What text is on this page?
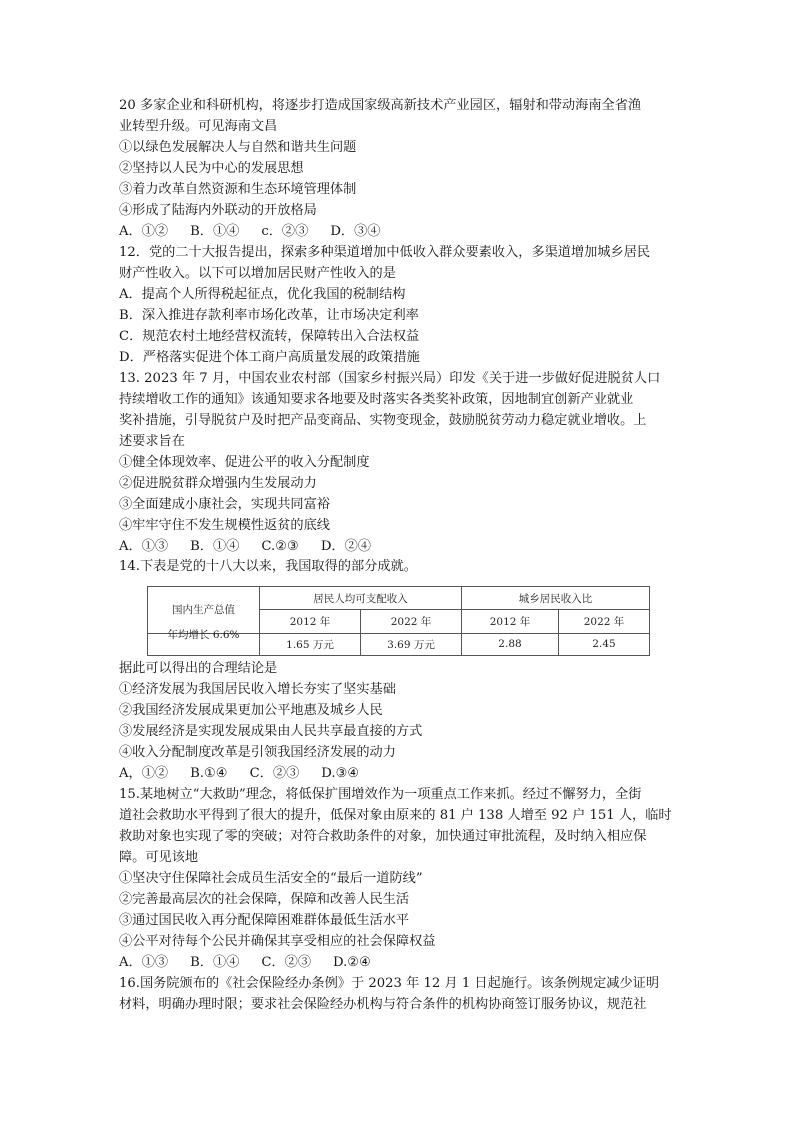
20 多家企业和科研机构，将逐步打造成国家级高新技术产业园区，辐射和带动海南全省渔
业转型升级。可见海南文昌
①以绿色发展解决人与自然和谐共生问题
②坚持以人民为中心的发展思想
③着力改革自然资源和生态环境管理体制
④形成了陆海内外联动的开放格局
A．①② B．①④ c．②③ D．③④
12．党的二十大报告提出，探索多种渠道增加中低收入群众要素收入，多渠道增加城乡居民
财产性收入。以下可以增加居民财产性收入的是
A．提高个人所得税起征点，优化我国的税制结构
B．深入推进存款利率市场化改革，让市场决定利率
C．规范农村土地经营权流转，保障转出入合法权益
D．严格落实促进个体工商户高质量发展的政策措施
13. 2023 年 7 月，中国农业农村部（国家乡村振兴局）印发《关于进一步做好促进脱贫人口
持续增收工作的通知》该通知要求各地要及时落实各类奖补政策，因地制宜创新产业就业
奖补措施，引导脱贫户及时把产品变商品、实物变现金，鼓励脱贫劳动力稳定就业增收。上
述要求旨在
①健全体现效率、促进公平的收入分配制度
②促进脱贫群众增强内生发展动力
③全面建成小康社会，实现共同富裕
④牢牢守住不发生规模性返贫的底线
A．①③ B．①④ C.②③ D．②④
14.下表是党的十八大以来，我国取得的部分成就。
国内生产总值	居民人均可支配收入		城乡居民收入比	
	2012 年	2022 年	2012 年	2022 年
年均增长 6.6%	1.65 万元	3.69 万元	2.88	2.45
据此可以得出的合理结论是
①经济发展为我国居民收入增长夯实了坚实基础
②我国经济发展成果更加公平地惠及城乡人民
③发展经济是实现发展成果由人民共享最直接的方式
④收入分配制度改革是引领我国经济发展的动力
A，①② B.①④ C．②③ D.③④
15.某地树立“大救助”理念，将低保扩围增效作为一项重点工作来抓。经过不懈努力，全街
道社会救助水平得到了很大的提升，低保对象由原来的 81 户 138 人增至 92 户 151 人，临时
救助对象也实现了零的突破；对符合救助条件的对象，加快通过审批流程，及时纳入相应保
障。可见该地
①坚决守住保障社会成员生活安全的“最后一道防线”
②完善最高层次的社会保障，保障和改善人民生活
③通过国民收入再分配保障困难群体最低生活水平
④公平对待每个公民并确保其享受相应的社会保障权益
A．①③ B．①④ C．②③ D.②④
16.国务院颁布的《社会保险经办条例》于 2023 年 12 月 1 日起施行。该条例规定减少证明
材料，明确办理时限；要求社会保险经办机构与符合条件的机构协商签订服务协议，规范社
